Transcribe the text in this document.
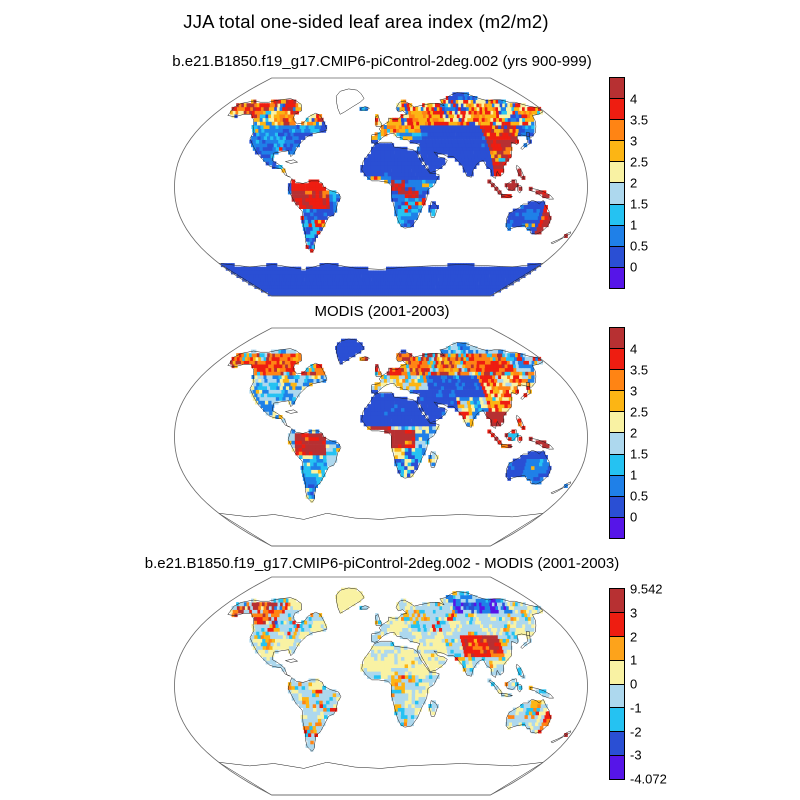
JJA total one-sided leaf area index (m2/m2)
b.e21.B1850.f19_g17.CMIP6-piControl-2deg.002 (yrs 900-999)
4
3.5
3
2.5
2
1.5
1
0.5
0
MODIS (2001-2003)
4
3.5
3
2.5
2
1.5
1
0.5
0
b.e21.B1850.f19_g17.CMIP6-piControl-2deg.002 - MODIS (2001-2003)
9.542
3
2
1
0
-1
-2
-3
-4.072
